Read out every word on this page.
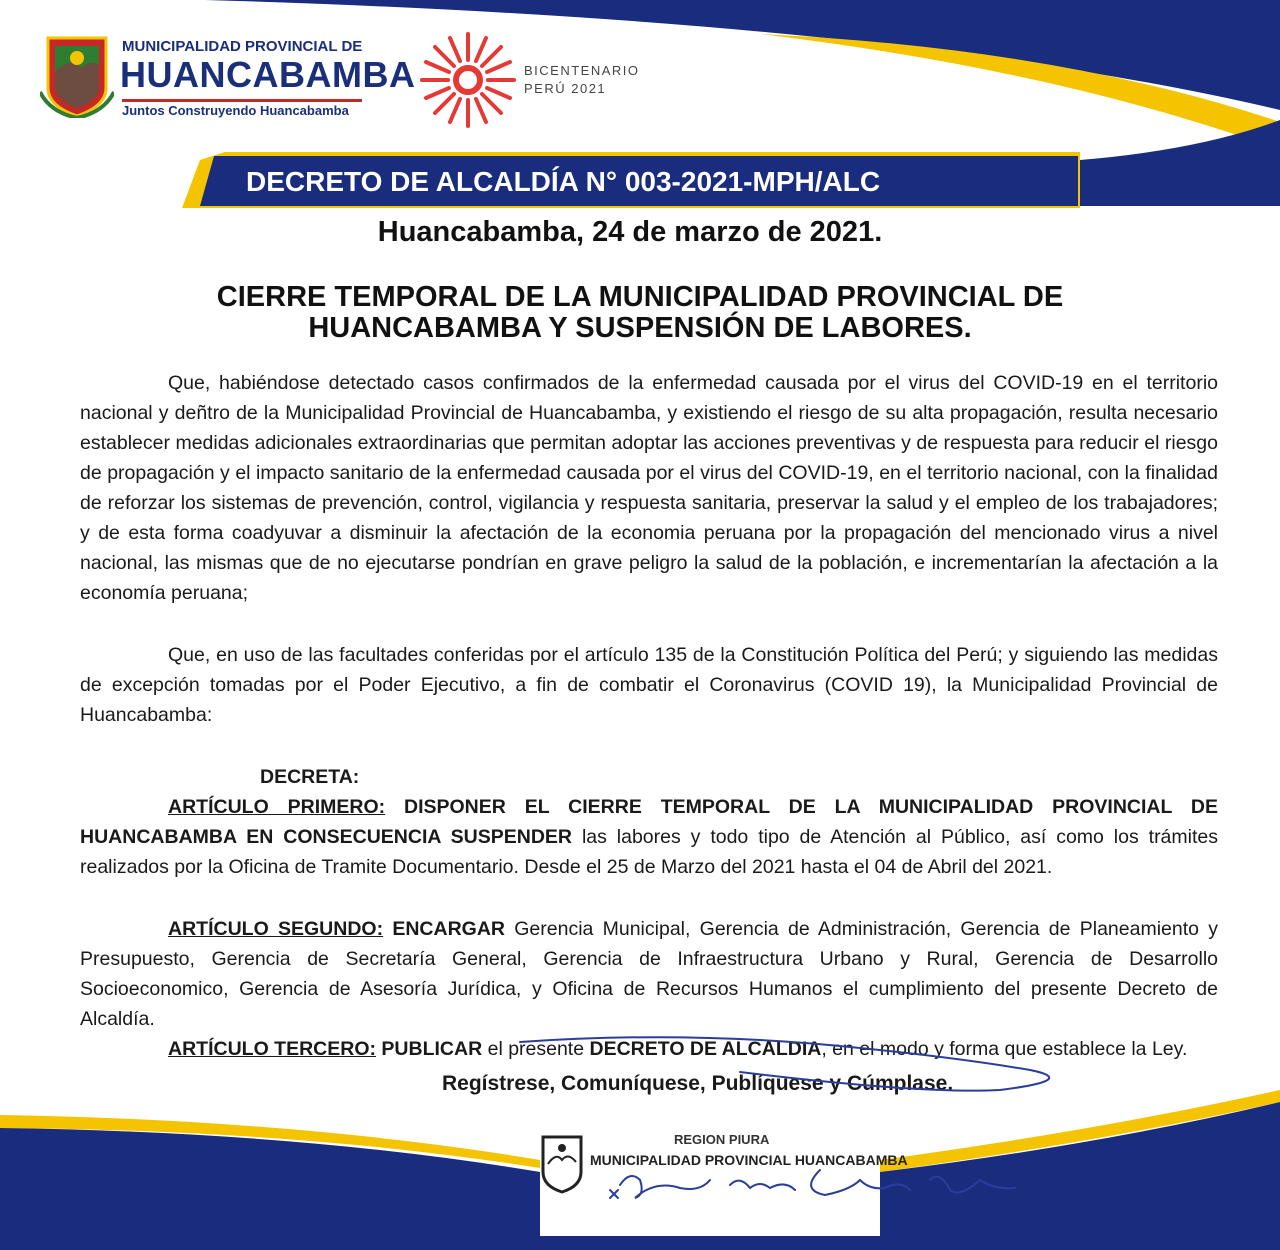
MUNICIPALIDAD PROVINCIAL DE
HUANCABAMBA
Juntos Construyendo Huancabamba
BICENTENARIO
PERÚ 2021
DECRETO DE ALCALDÍA N° 003-2021-MPH/ALC
Huancabamba, 24 de marzo de 2021.
CIERRE TEMPORAL DE LA MUNICIPALIDAD PROVINCIAL DE
HUANCABAMBA Y SUSPENSIÓN DE LABORES.

Que, habiéndose detectado casos confirmados de la enfermedad causada por el virus del COVID-19 en el territorio nacional y deñtro de la Municipalidad Provincial de Huancabamba, y existiendo el riesgo de su alta propagación, resulta necesario establecer medidas adicionales extraordinarias que permitan adoptar las acciones preventivas y de respuesta para reducir el riesgo de propagación y el impacto sanitario de la enfermedad causada por el virus del COVID-19, en el territorio nacional, con la finalidad de reforzar los sistemas de prevención, control, vigilancia y respuesta sanitaria, preservar la salud y el empleo de los trabajadores; y de esta forma coadyuvar a disminuir la afectación de la economia peruana por la propagación del mencionado virus a nivel nacional, las mismas que de no ejecutarse pondrían en grave peligro la salud de la población, e incrementarían la afectación a la economía peruana;

Que, en uso de las facultades conferidas por el artículo 135 de la Constitución Política del Perú; y siguiendo las medidas de excepción tomadas por el Poder Ejecutivo, a fin de combatir el Coronavirus (COVID 19), la Municipalidad Provincial de Huancabamba:

DECRETA:

ARTÍCULO PRIMERO: DISPONER EL CIERRE TEMPORAL DE LA MUNICIPALIDAD PROVINCIAL DE HUANCABAMBA EN CONSECUENCIA SUSPENDER las labores y todo tipo de Atención al Público, así como los trámites realizados por la Oficina de Tramite Documentario. Desde el 25 de Marzo del 2021 hasta el 04 de Abril del 2021.

ARTÍCULO SEGUNDO: ENCARGAR Gerencia Municipal, Gerencia de Administración, Gerencia de Planeamiento y Presupuesto, Gerencia de Secretaría General, Gerencia de Infraestructura Urbano y Rural, Gerencia de Desarrollo Socioeconomico, Gerencia de Asesoría Jurídica, y Oficina de Recursos Humanos el cumplimiento del presente Decreto de Alcaldía.

ARTÍCULO TERCERO: PUBLICAR el presente DECRETO DE ALCALDIA, en el modo y forma que establece la Ley.

Regístrese, Comuníquese, Publíquese y Cúmplase.
REGION PIURA
MUNICIPALIDAD PROVINCIAL HUANCABAMBA
